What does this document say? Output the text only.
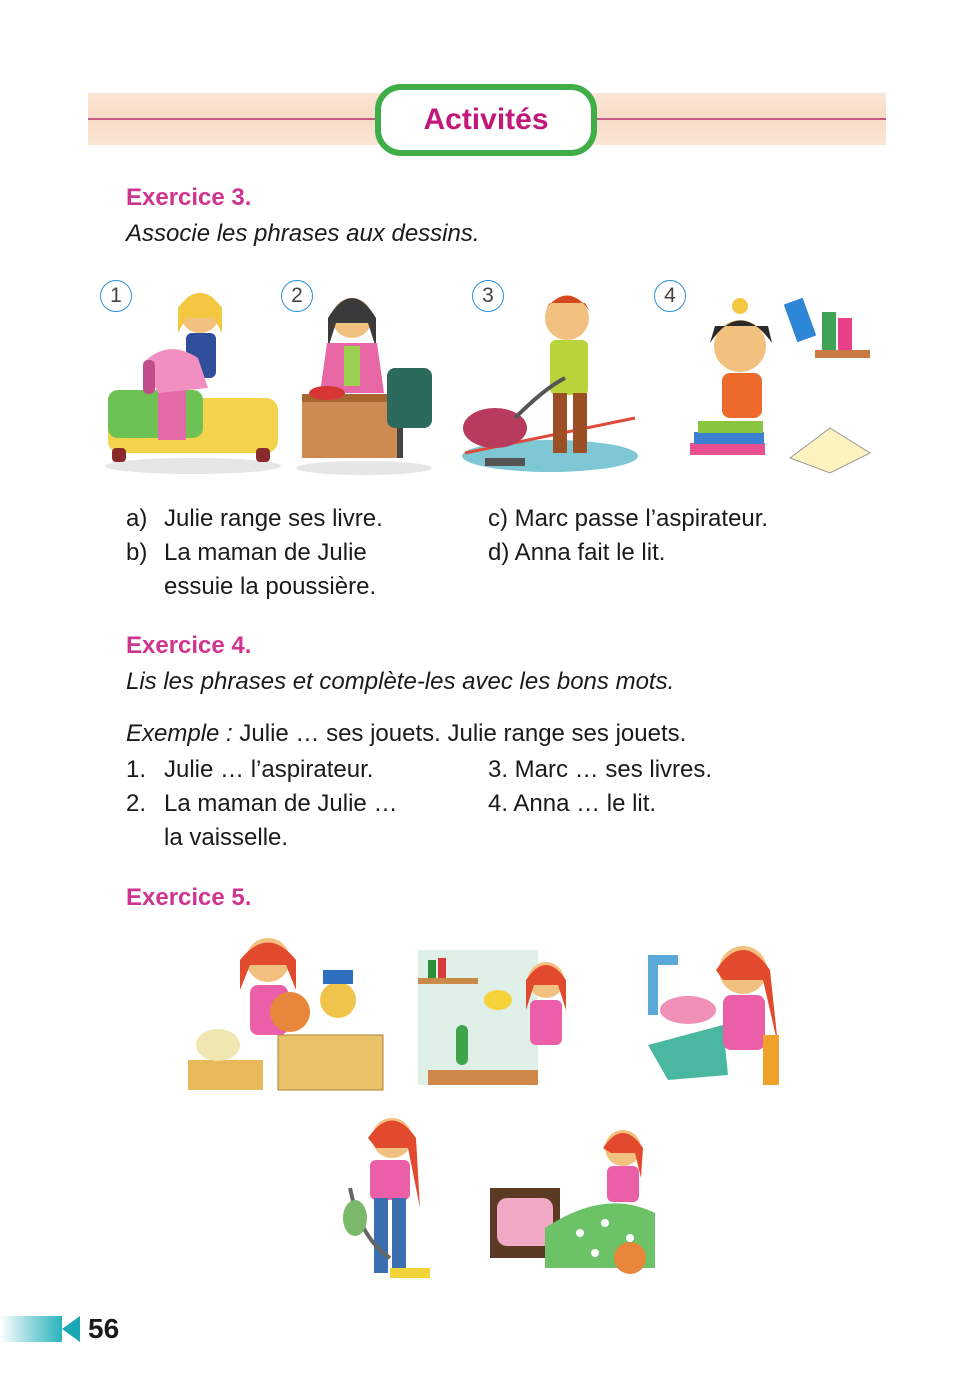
Activités
Exercice 3.
Associe les phrases aux dessins.
1	2	3	4
a) Julie range ses livre.
b) La maman de Julie
essuie la poussière.
c) Marc passe l’aspirateur.
d) Anna fait le lit.
Exercice 4.
Lis les phrases et complète-les avec les bons mots.
Exemple : Julie … ses jouets. Julie range ses jouets.
1. Julie … l’aspirateur.
2. La maman de Julie …
la vaisselle.
3. Marc … ses livres.
4. Anna … le lit.
Exercice 5.
56
